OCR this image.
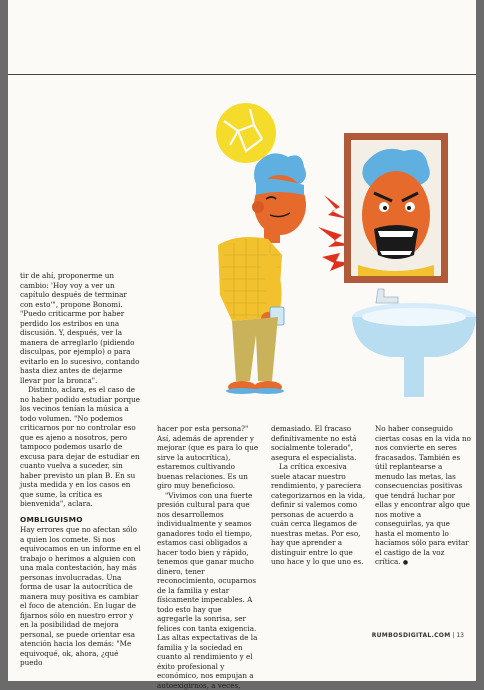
tir de ahí, proponerme un cambio: 'Hoy voy a ver un capítulo después de terminar con esto'", propone Bonomi. "Puedo criticarme por haber perdido los estribos en una discusión. Y, después, ver la manera de arreglarlo (pidiendo disculpas, por ejemplo) o para evitarlo en lo sucesivo, contando hasta diez antes de dejarme llevar por la bronca".

Distinto, aclara, es el caso de no haber podido estudiar porque los vecinos tenían la música a todo volumen. "No podemos criticarnos por no controlar eso que es ajeno a nosotros, pero tampoco podemos usarlo de excusa para dejar de estudiar en cuanto vuelva a suceder, sin haber previsto un plan B. En su justa medida y en los casos en que sume, la crítica es bienvenida", aclara.

OMBLIGUISMO

Hay errores que no afectan sólo a quien los comete. Si nos equivocamos en un informe en el trabajo o herimos a alguien con una mala contestación, hay más personas involucradas. Una forma de usar la autocrítica de manera muy positiva es cambiar el foco de atención. En lugar de fijarnos sólo en nuestro error y en la posibilidad de mejora personal, se puede orientar esa atención hacia los demás: "Me equivoqué, ok, ahora, ¿qué puedo

hacer por esta persona?" Así, además de aprender y mejorar (que es para lo que sirve la autocrítica), estaremos cultivando buenas relaciones. Es un giro muy beneficioso.

"Vivimos con una fuerte presión cultural para que nos desarrollemos individualmente y seamos ganadores todo el tiempo, estamos casi obligados a hacer todo bien y rápido, tenemos que ganar mucho dinero, tener reconocimiento, ocuparnos de la familia y estar físicamente impecables. A todo esto hay que agregarle la sonrisa, ser felices con tanta exigencia. Las altas expectativas de la familia y la sociedad en cuanto al rendimiento y el éxito profesional y económico, nos empujan a autoexigirnos, a veces,

demasiado. El fracaso definitivamente no está socialmente tolerado", asegura el especialista.

La crítica excesiva suele atacar nuestro rendimiento, y pareciera categorizarnos en la vida, definir si valemos como personas de acuerdo a cuán cerca llegamos de nuestras metas. Por eso, hay que aprender a distinguir entre lo que uno hace y lo que uno es. No haber conseguido ciertas cosas en la vida no nos convierte en seres fracasados. También es útil replantearse a menudo las metas, las consecuencias positivas que tendrá luchar por ellas y encontrar algo que nos motive a conseguirlas, ya que hasta el momento lo hacíamos sólo para evitar el castigo de la voz crítica. ●

RUMBOSDIGITAL.COM | 13
